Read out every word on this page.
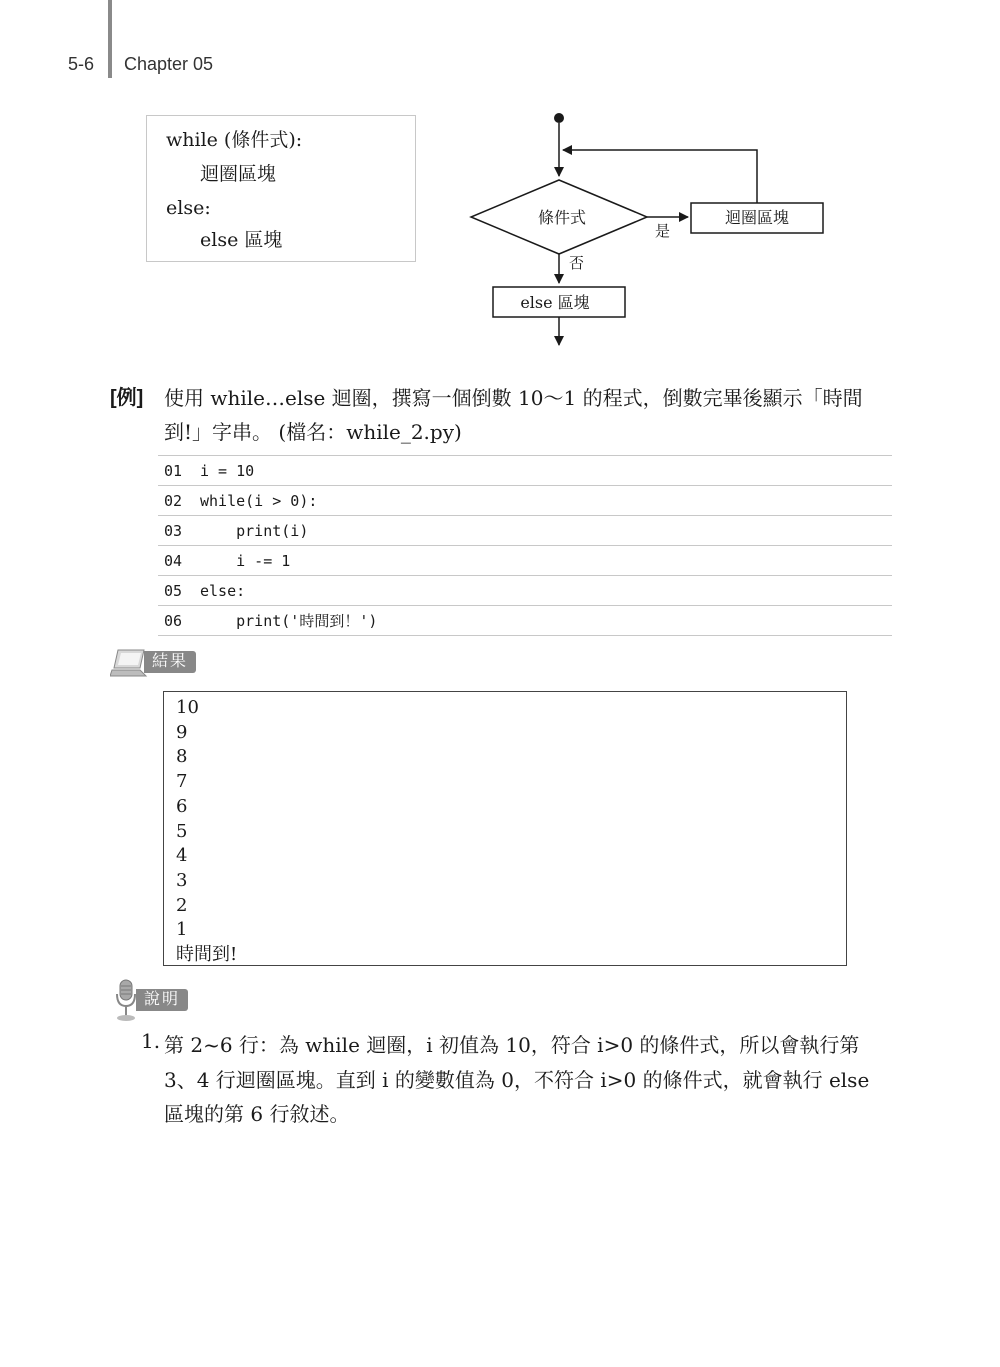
5-6 Chapter 05
while (條件式):
迴圈區塊
else:
else 區塊
條件式
是
迴圈區塊
否
else 區塊
[例] 使用 while…else 迴圈，撰寫一個倒數 10～1 的程式，倒數完畢後顯示「時間
到!」字串。 (檔名：while_2.py)
01	i = 10
02	while(i > 0):
03	print(i)
04	i -= 1
05	else:
06	print('時間到！')
結果
10
9
8
7
6
5
4
3
2
1
時間到!
說明
1. 第 2~6 行：為 while 迴圈，i 初值為 10，符合 i>0 的條件式，所以會執行第
3、4 行迴圈區塊。直到 i 的變數值為 0，不符合 i>0 的條件式，就會執行 else
區塊的第 6 行敘述。
